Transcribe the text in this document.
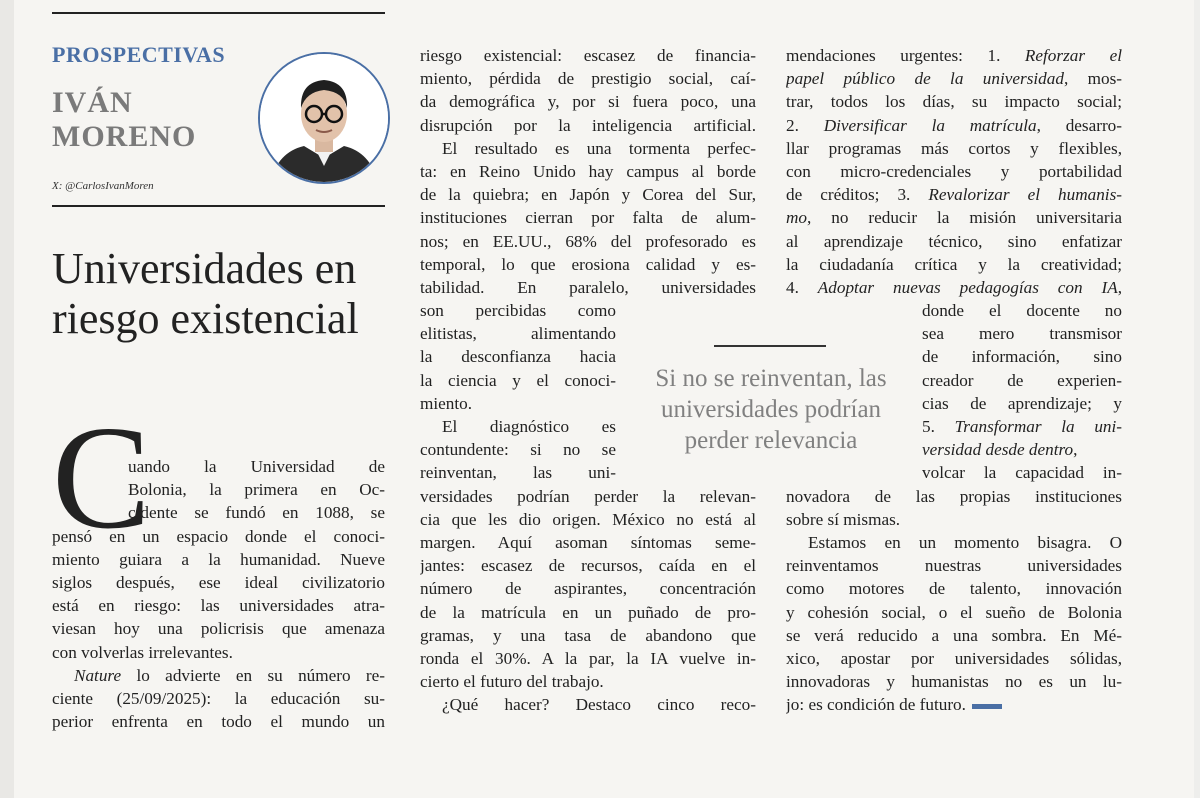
PROSPECTIVAS
IVÁN
MORENO
X: @CarlosIvanMoren
Universidades en
riesgo existencial
C
uando la Universidad de
Bolonia, la primera en Oc-
cidente se fundó en 1088, se
pensó en un espacio donde el conoci-
miento guiara a la humanidad. Nueve
siglos después, ese ideal civilizatorio
está en riesgo: las universidades atra-
viesan hoy una policrisis que amenaza
con volverlas irrelevantes.
Nature lo advierte en su número re-
ciente (25/09/2025): la educación su-
perior enfrenta en todo el mundo un
riesgo existencial: escasez de financia-
miento, pérdida de prestigio social, caí-
da demográfica y, por si fuera poco, una
disrupción por la inteligencia artificial.
El resultado es una tormenta perfec-
ta: en Reino Unido hay campus al borde
de la quiebra; en Japón y Corea del Sur,
instituciones cierran por falta de alum-
nos; en EE.UU., 68% del profesorado es
temporal, lo que erosiona calidad y es-
tabilidad. En paralelo, universidades
son percibidas como
elitistas, alimentando
la desconfianza hacia
la ciencia y el conoci-
miento.
El diagnóstico es
contundente: si no se
reinventan, las uni-
versidades podrían perder la relevan-
cia que les dio origen. México no está al
margen. Aquí asoman síntomas seme-
jantes: escasez de recursos, caída en el
número de aspirantes, concentración
de la matrícula en un puñado de pro-
gramas, y una tasa de abandono que
ronda el 30%. A la par, la IA vuelve in-
cierto el futuro del trabajo.
¿Qué hacer? Destaco cinco reco-
Si no se reinventan, las
universidades podrían
perder relevancia
mendaciones urgentes: 1. Reforzar el
papel público de la universidad, mos-
trar, todos los días, su impacto social;
2. Diversificar la matrícula, desarro-
llar programas más cortos y flexibles,
con micro-credenciales y portabilidad
de créditos; 3. Revalorizar el humanis-
mo, no reducir la misión universitaria
al aprendizaje técnico, sino enfatizar
la ciudadanía crítica y la creatividad;
4. Adoptar nuevas pedagogías con IA,
donde el docente no
sea mero transmisor
de información, sino
creador de experien-
cias de aprendizaje; y
5. Transformar la uni-
versidad desde dentro,
volcar la capacidad in-
novadora de las propias instituciones
sobre sí mismas.
Estamos en un momento bisagra. O
reinventamos nuestras universidades
como motores de talento, innovación
y cohesión social, o el sueño de Bolonia
se verá reducido a una sombra. En Mé-
xico, apostar por universidades sólidas,
innovadoras y humanistas no es un lu-
jo: es condición de futuro.
